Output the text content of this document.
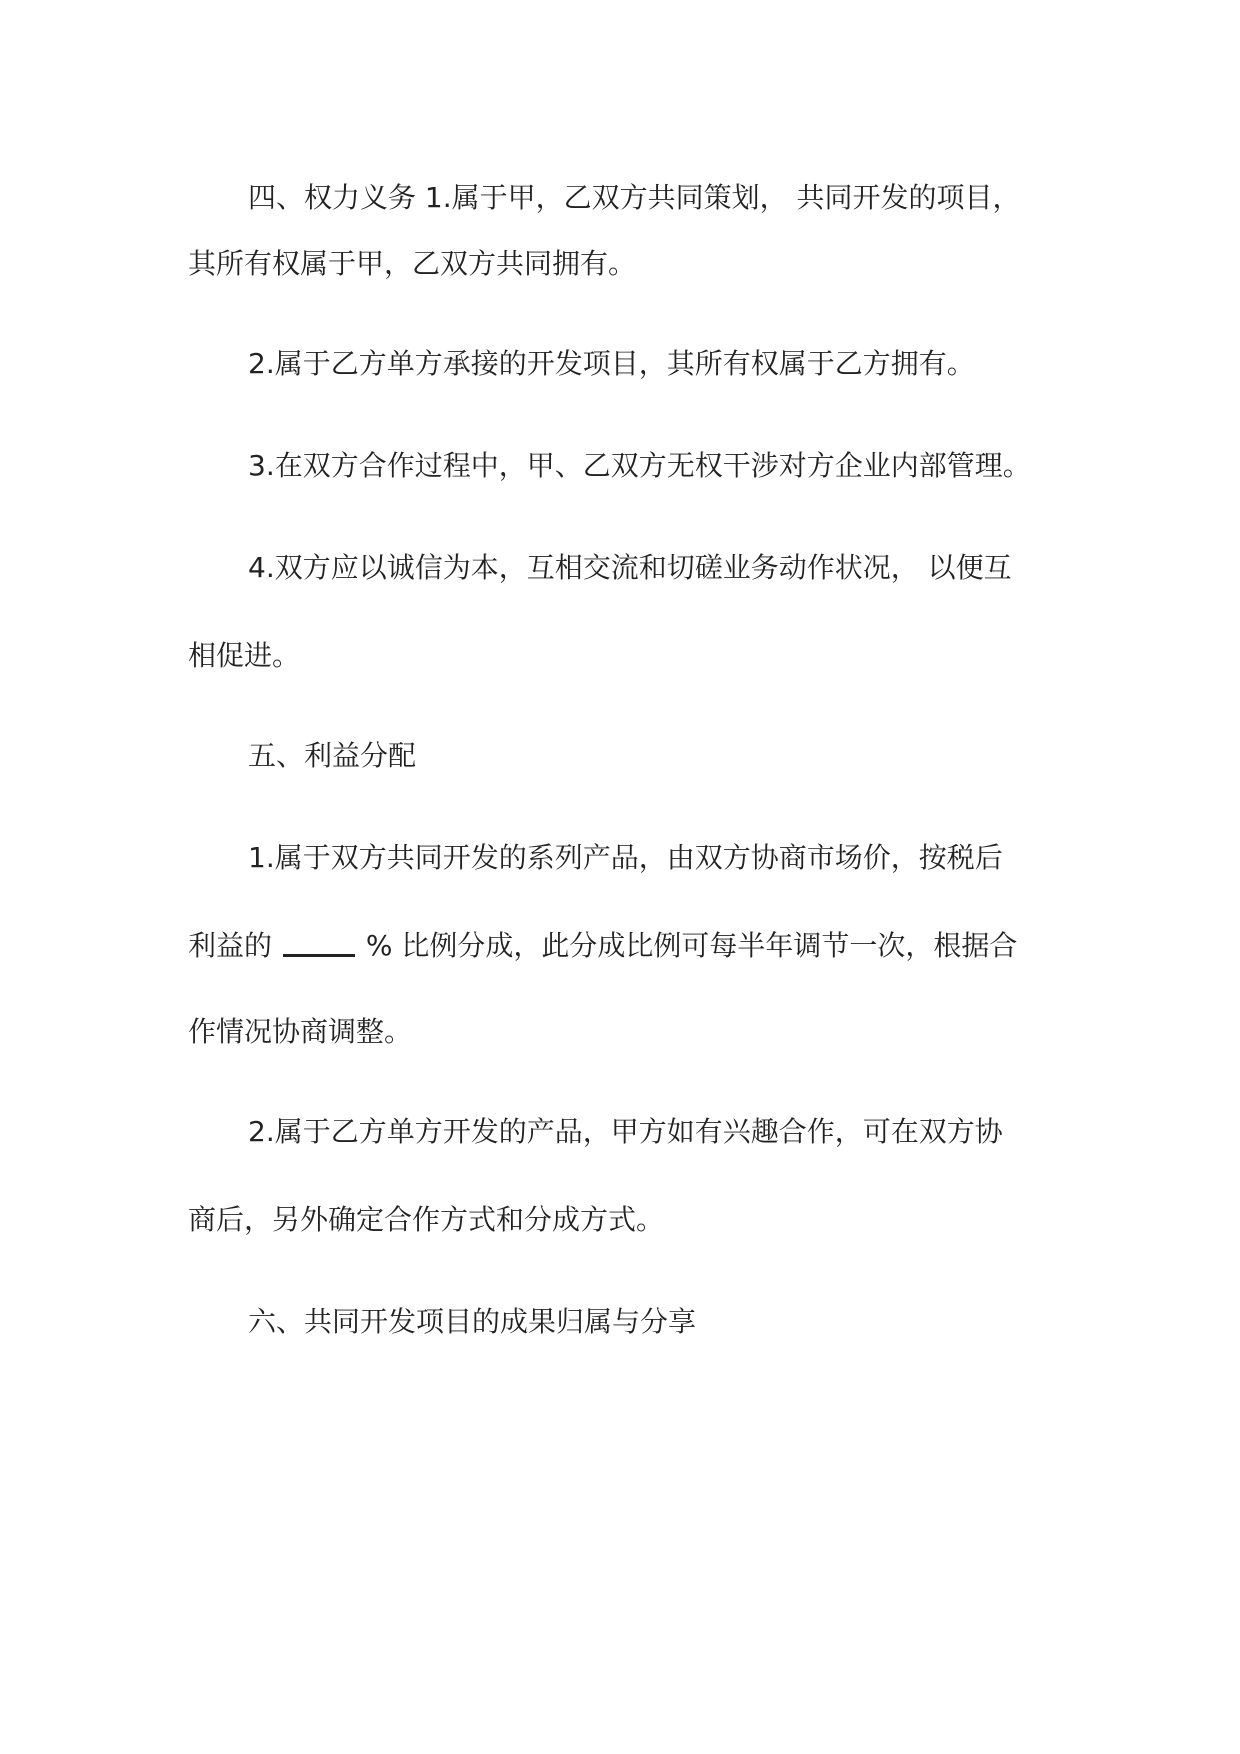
四、权力义务 1.属于甲，乙双方共同策划， 共同开发的项目，
其所有权属于甲，乙双方共同拥有。
2.属于乙方单方承接的开发项目，其所有权属于乙方拥有。
3.在双方合作过程中，甲、乙双方无权干涉对方企业内部管理。
4.双方应以诚信为本，互相交流和切磋业务动作状况， 以便互
相促进。
五、利益分配
1.属于双方共同开发的系列产品，由双方协商市场价，按税后
利益的	% 比例分成，此分成比例可每半年调节一次，根据合
作情况协商调整。
2.属于乙方单方开发的产品，甲方如有兴趣合作，可在双方协
商后，另外确定合作方式和分成方式。
六、共同开发项目的成果归属与分享
